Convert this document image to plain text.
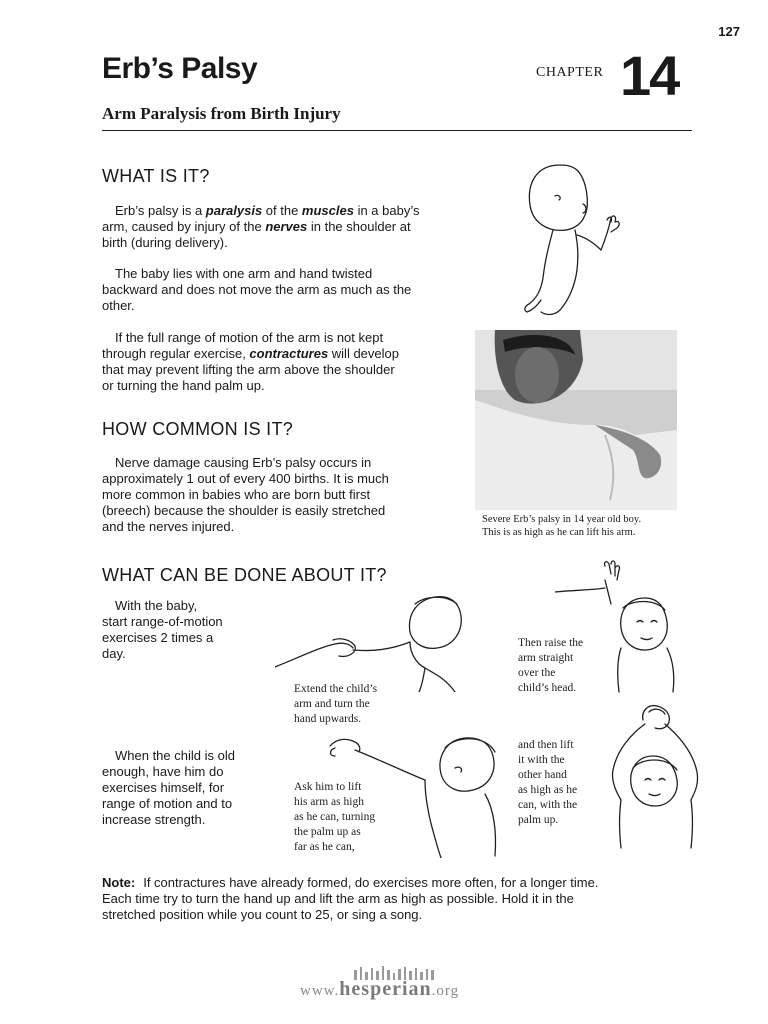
127
Erb’s Palsy	CHAPTER 14
Arm Paralysis from Birth Injury
WHAT IS IT?
Erb’s palsy is a paralysis of the muscles in a baby’s
arm, caused by injury of the nerves in the shoulder at
birth (during delivery).
The baby lies with one arm and hand twisted
backward and does not move the arm as much as the
other.
If the full range of motion of the arm is not kept
through regular exercise, contractures will develop
that may prevent lifting the arm above the shoulder
or turning the hand palm up.
Severe Erb’s palsy in 14 year old boy.
This is as high as he can lift his arm.
HOW COMMON IS IT?
Nerve damage causing Erb’s palsy occurs in
approximately 1 out of every 400 births. It is much
more common in babies who are born butt first
(breech) because the shoulder is easily stretched
and the nerves injured.
WHAT CAN BE DONE ABOUT IT?
With the baby,
start range-of-motion
exercises 2 times a
day.
When the child is old
enough, have him do
exercises himself, for
range of motion and to
increase strength.
Extend the child’s
arm and turn the
hand upwards.
Then raise the
arm straight
over the
child’s head.
Ask him to lift
his arm as high
as he can, turning
the palm up as
far as he can,
and then lift
it with the
other hand
as high as he
can, with the
palm up.
Note: If contractures have already formed, do exercises more often, for a longer time.
Each time try to turn the hand up and lift the arm as high as possible. Hold it in the
stretched position while you count to 25, or sing a song.
www.hesperian.org
